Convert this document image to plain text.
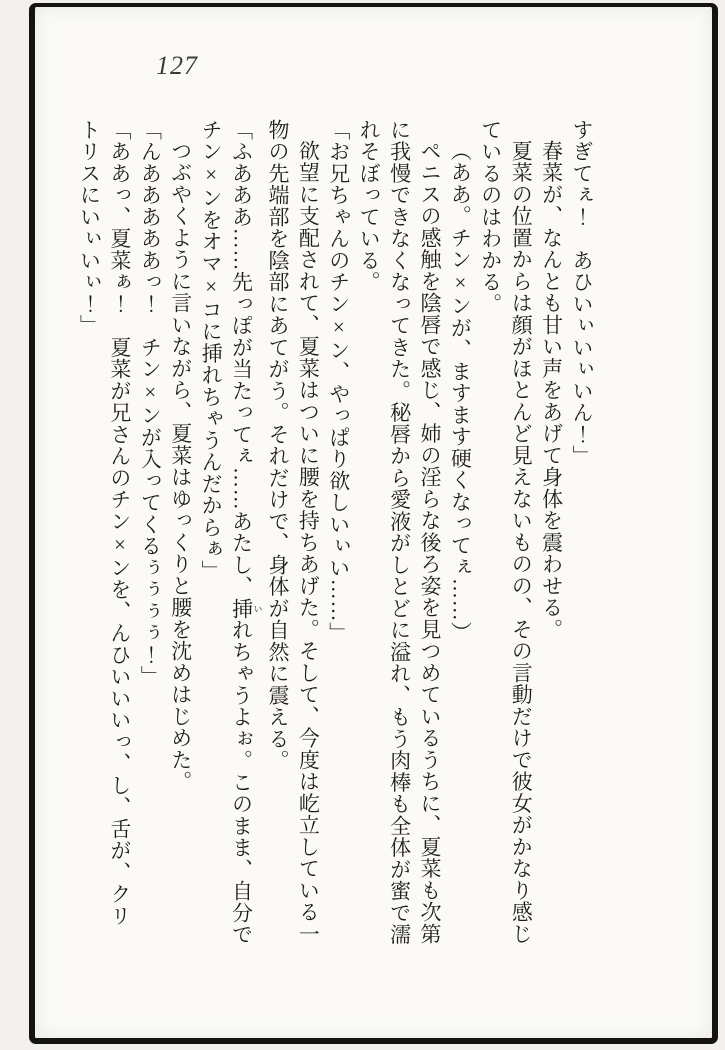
127

すぎてぇ！　あひいぃいぃいん！」

春菜が、なんとも甘い声をあげて身体を震わせる。

夏菜の位置からは顔がほとんど見えないものの、その言動だけで彼女がかなり感じているのはわかる。

（ああ。チン×ンが、ますます硬くなってぇ……）

ペニスの感触を陰唇で感じ、姉の淫らな後ろ姿を見つめているうちに、夏菜も次第に我慢できなくなってきた。秘唇から愛液がしとどに溢れ、もう肉棒も全体が蜜で濡れそぼっている。

「お兄ちゃんのチン×ン、やっぱり欲しいぃい……」

欲望に支配されて、夏菜はついに腰を持ちあげた。そして、今度は屹立している一物の先端部を陰部にあてがう。それだけで、身体が自然に震える。

「ふあああ……先っぽが当たってぇ……あたし、挿 いれちゃうよぉ。このまま、自分でチン×ンをオマ×コに挿れちゃうんだからぁ」

つぶやくように言いながら、夏菜はゆっくりと腰を沈めはじめた。

「んあああああっ！　チン×ンが入ってくるぅぅぅぅ！」

「ああっ、夏菜ぁ！　夏菜が兄さんのチン×ンを、んひいいいっ、し、舌が、クリトリスにいぃいぃ！」
